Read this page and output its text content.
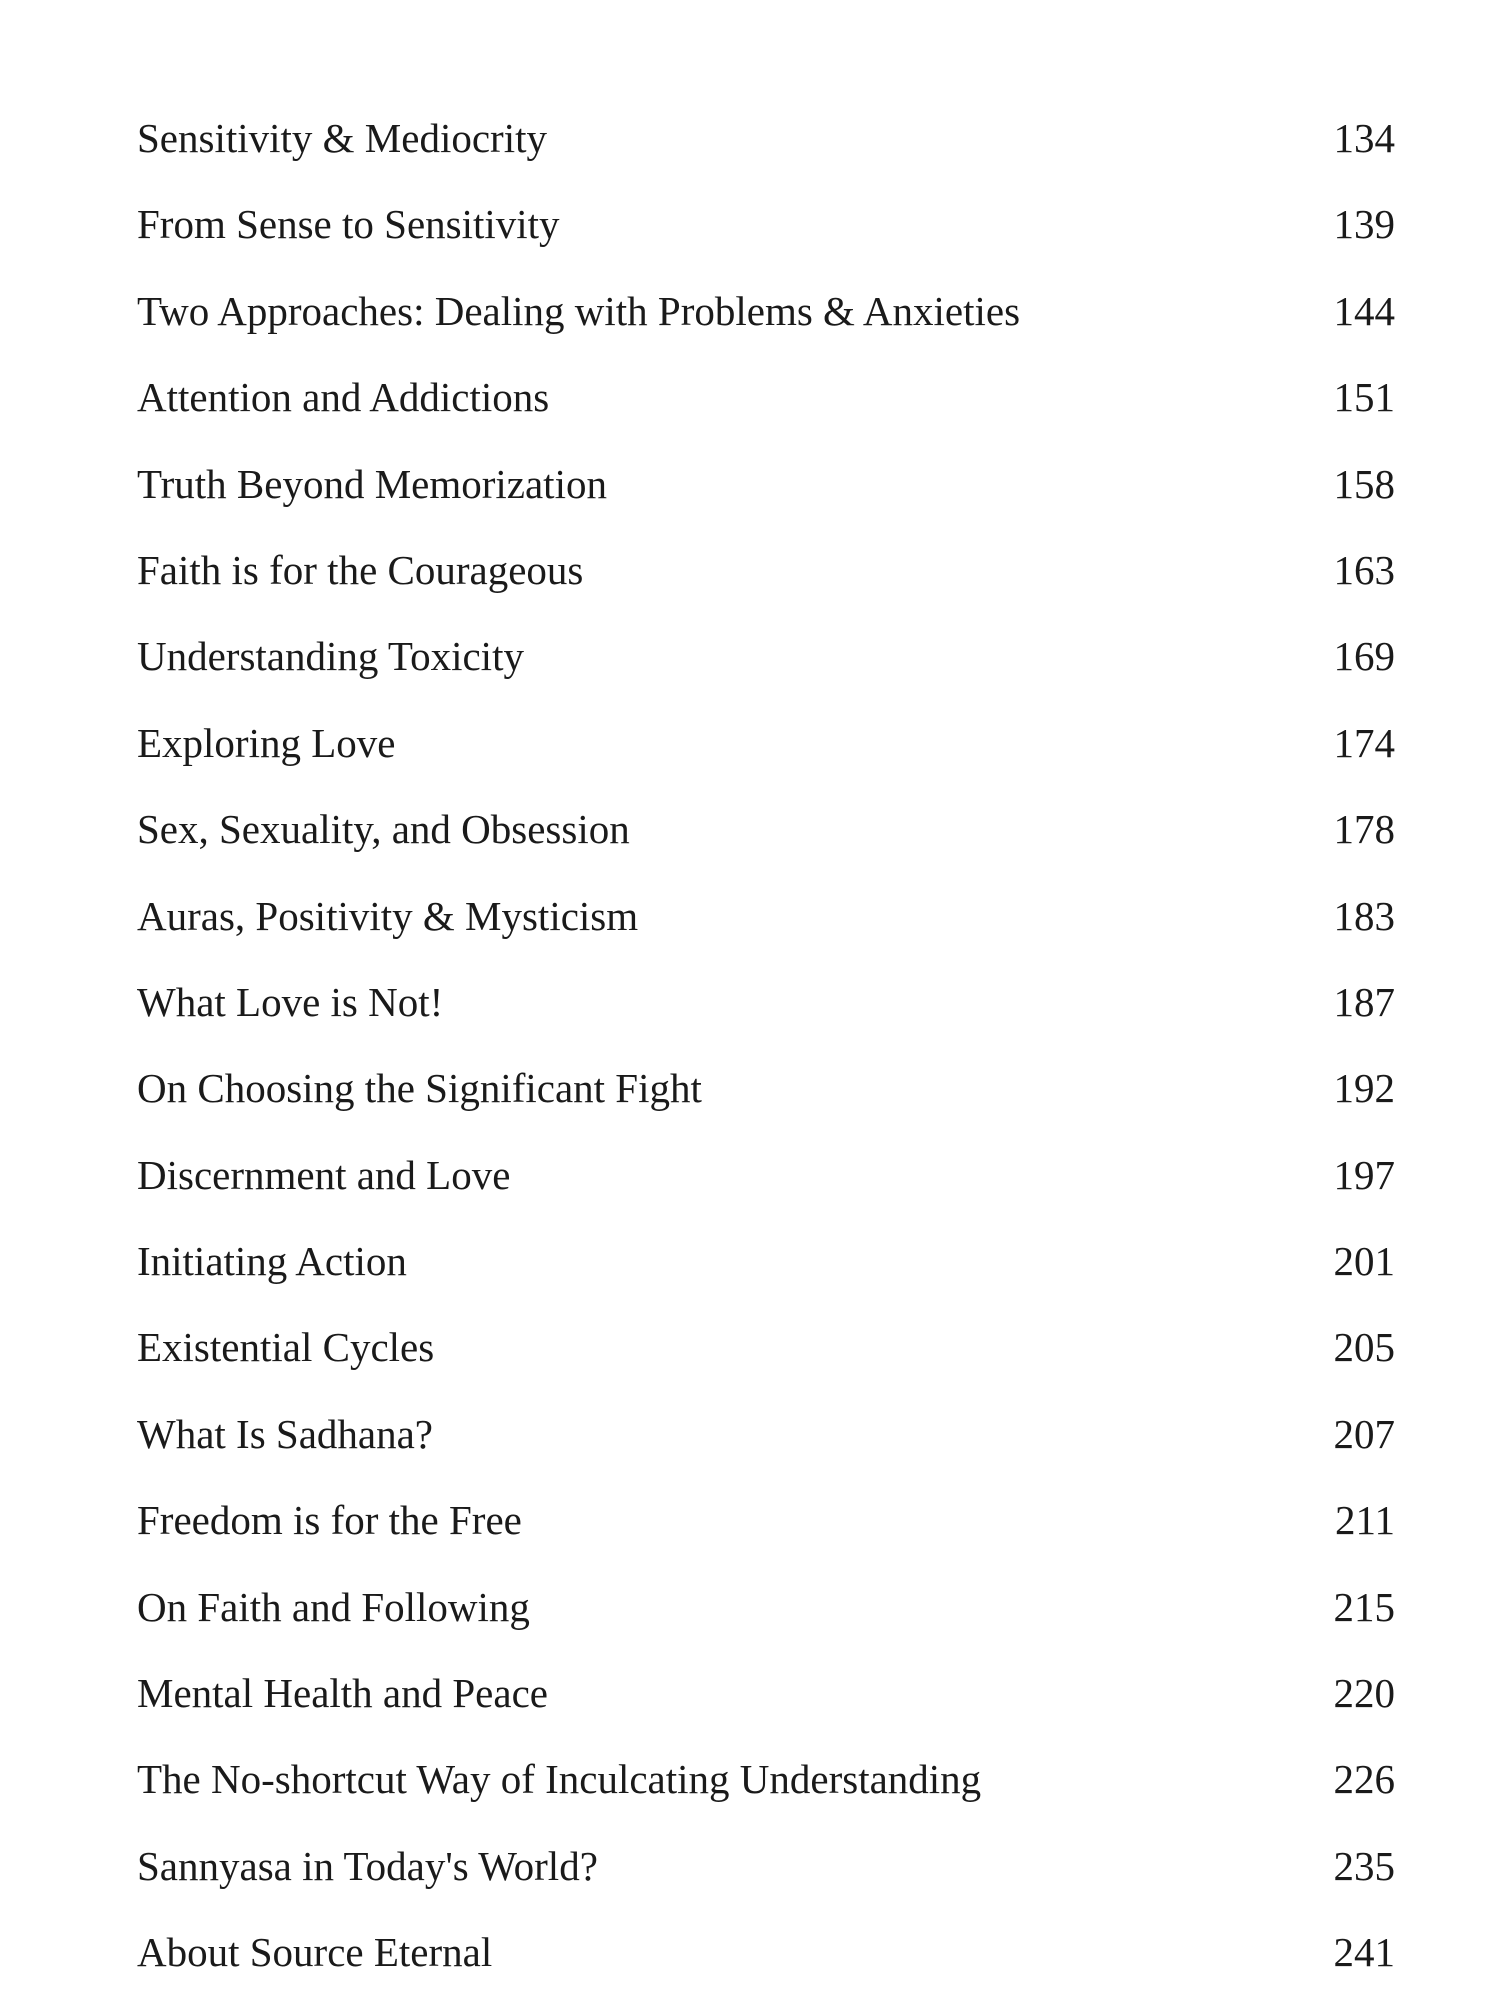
Sensitivity & Mediocrity	134
From Sense to Sensitivity	139
Two Approaches: Dealing with Problems & Anxieties	144
Attention and Addictions	151
Truth Beyond Memorization	158
Faith is for the Courageous	163
Understanding Toxicity	169
Exploring Love	174
Sex, Sexuality, and Obsession	178
Auras, Positivity & Mysticism	183
What Love is Not!	187
On Choosing the Significant Fight	192
Discernment and Love	197
Initiating Action	201
Existential Cycles	205
What Is Sadhana?	207
Freedom is for the Free	211
On Faith and Following	215
Mental Health and Peace	220
The No-shortcut Way of Inculcating Understanding	226
Sannyasa in Today's World?	235
About Source Eternal	241
